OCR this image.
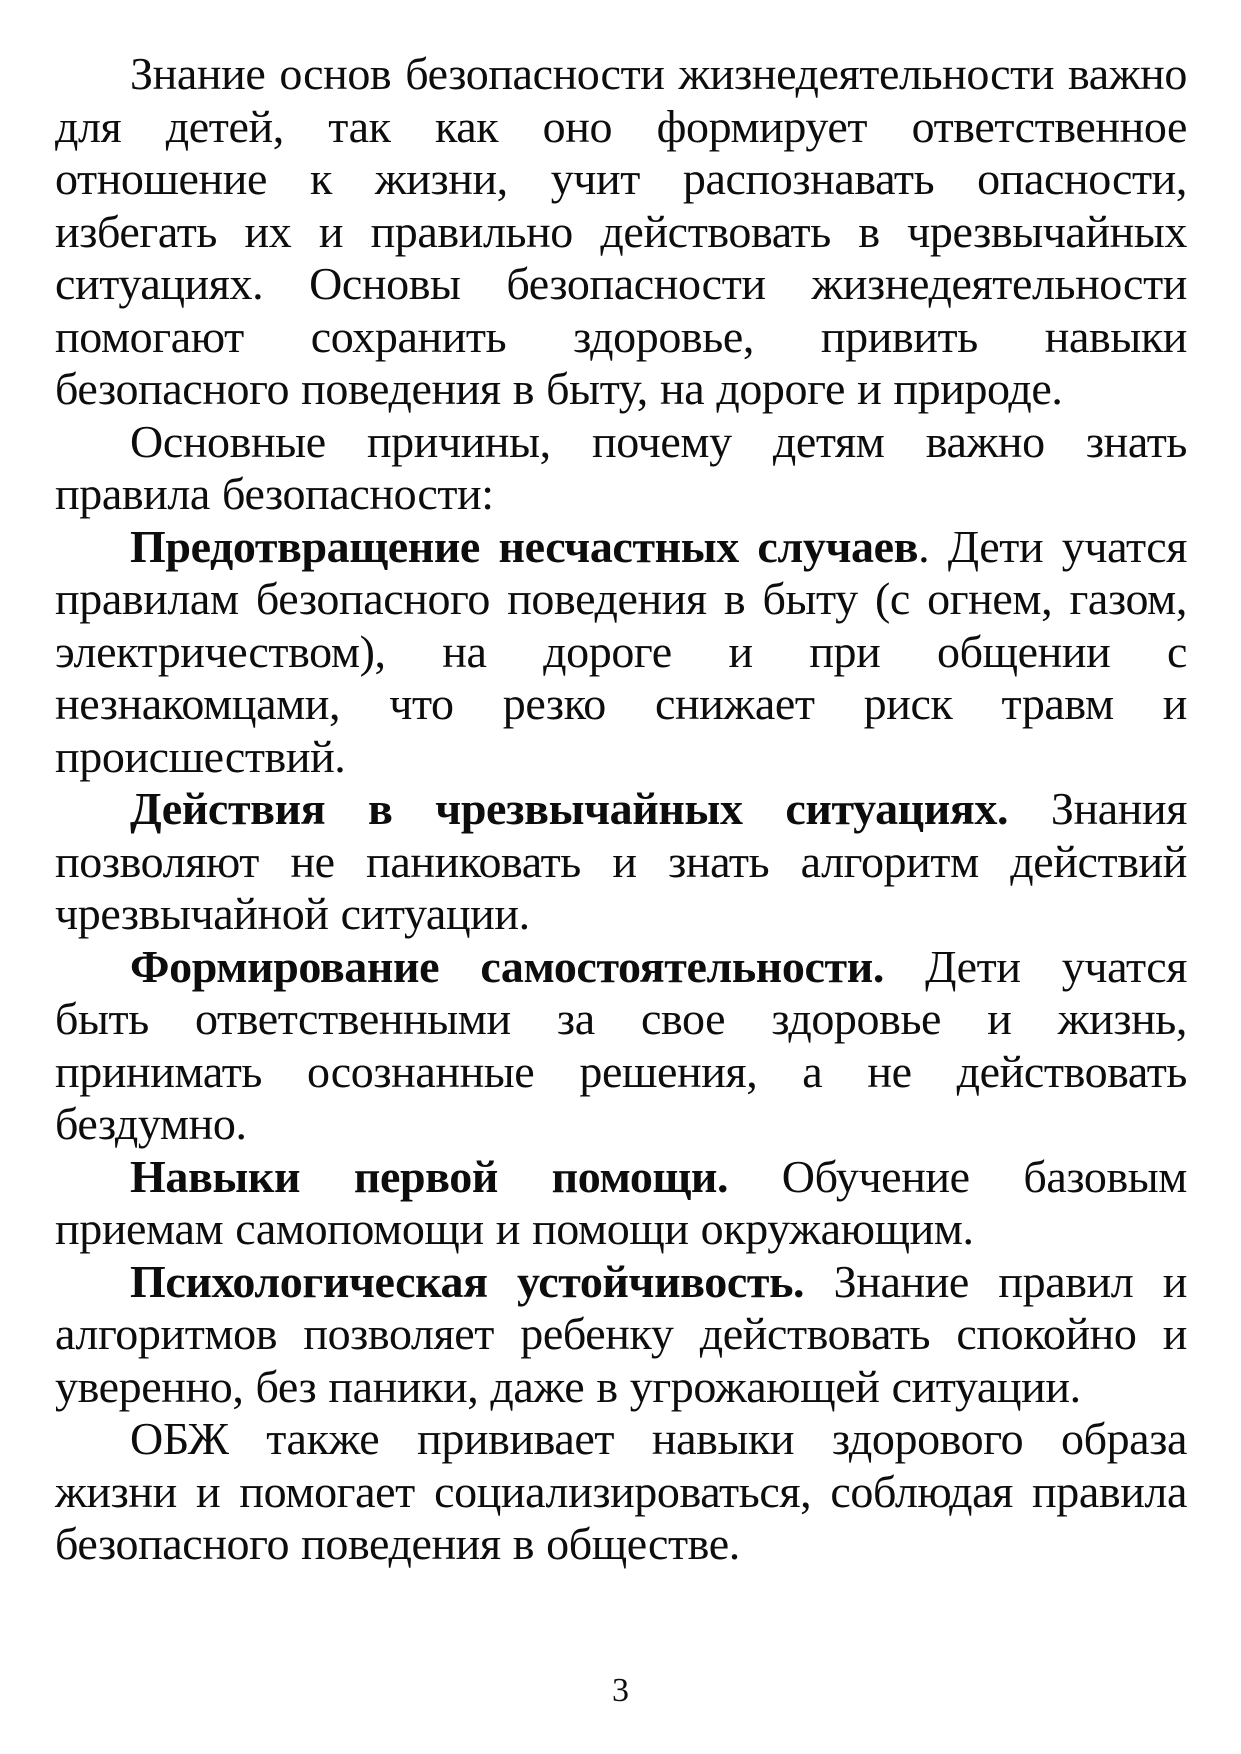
Знание основ безопасности жизнедеятельности важно для детей, так как оно формирует ответственное отношение к жизни, учит распознавать опасности, избегать их и правильно действовать в чрезвычайных ситуациях. Основы безопасности жизнедеятельности помогают сохранить здоровье, привить навыки безопасного поведения в быту, на дороге и природе.

Основные причины, почему детям важно знать правила безопасности:

Предотвращение несчастных случаев. Дети учатся правилам безопасного поведения в быту (с огнем, газом, электричеством), на дороге и при общении с незнакомцами, что резко снижает риск травм и происшествий.

Действия в чрезвычайных ситуациях. Знания позволяют не паниковать и знать алгоритм действий чрезвычайной ситуации.

Формирование самостоятельности. Дети учатся быть ответственными за свое здоровье и жизнь, принимать осознанные решения, а не действовать бездумно.

Навыки первой помощи. Обучение базовым приемам самопомощи и помощи окружающим.

Психологическая устойчивость. Знание правил и алгоритмов позволяет ребенку действовать спокойно и уверенно, без паники, даже в угрожающей ситуации.

ОБЖ также прививает навыки здорового образа жизни и помогает социализироваться, соблюдая правила безопасного поведения в обществе.

3
